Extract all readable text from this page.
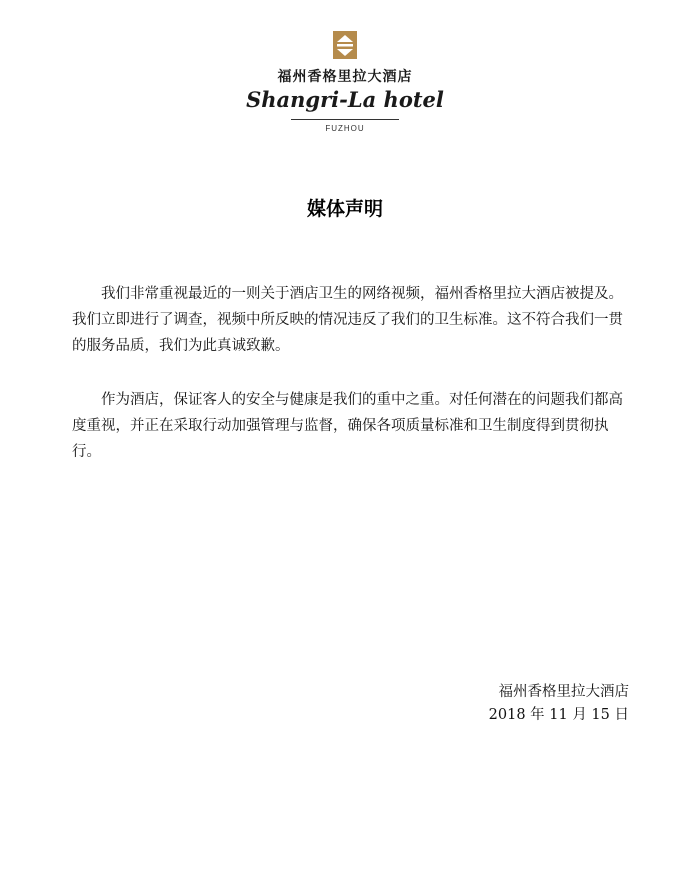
福州香格里拉大酒店
Shangri-La hotel
FUZHOU
媒体声明

我们非常重视最近的一则关于酒店卫生的网络视频，福州香格里拉大酒店被提及。我们立即进行了调查，视频中所反映的情况违反了我们的卫生标准。这不符合我们一贯的服务品质，我们为此真诚致歉。

作为酒店，保证客人的安全与健康是我们的重中之重。对任何潜在的问题我们都高度重视，并正在采取行动加强管理与监督，确保各项质量标准和卫生制度得到贯彻执行。

福州香格里拉大酒店
2018 年 11 月 15 日
